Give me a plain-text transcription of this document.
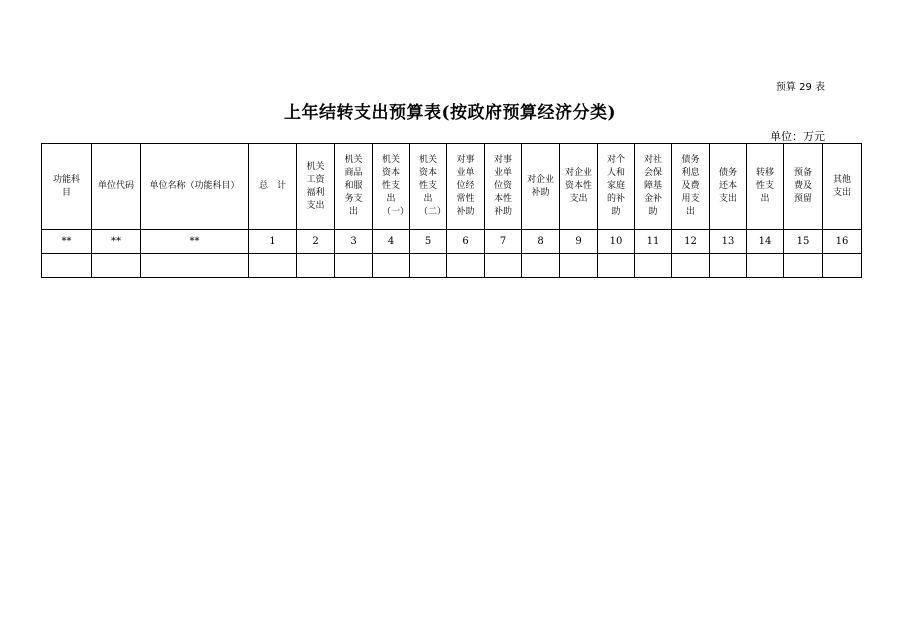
预算 29 表
上年结转支出预算表(按政府预算经济分类)
单位：万元
功能科目	单位代码	单位名称（功能科目）	总　计	机关工资福利支出	机关商品和服务支出	机关资本性支出（一）	机关资本性支出（二）	对事业单位经常性补助	对事业单位资本性补助	对企业补助	对企业资本性支出	对个人和家庭的补助	对社会保障基金补助	债务利息及费用支出	债务还本支出	转移性支出	预备费及预留	其他支出
**	**	**	1	2	3	4	5	6	7	8	9	10	11	12	13	14	15	16
